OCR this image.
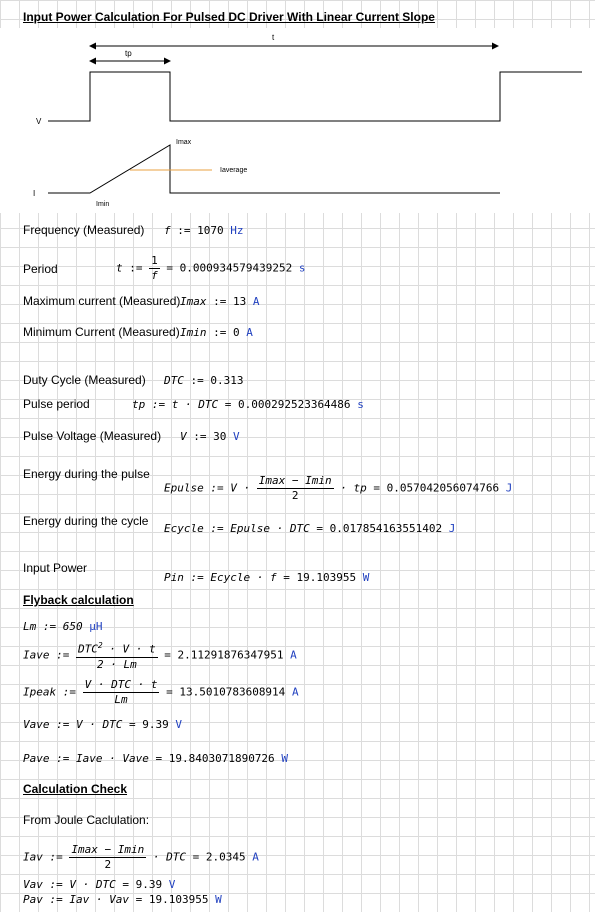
Input Power Calculation For Pulsed DC Driver With Linear Current Slope
t
tp
V
I
Imax
Iaverage
Imin
Frequency (Measured) f := 1070 Hz
Period	t := $\frac{1}{f} = 0.000934579439252$ s
Maximum current (Measured) Imax := 13 A
Minimum Current (Measured) Imin := 0 A
Duty Cycle (Measured) DTC := 0.313
Pulse period	tp := t · DTC = 0.000292523364486 s
Pulse Voltage (Measured) V := 30 V
Energy during the pulse
Epulse := $V \cdot \frac{Imax - Imin}{2}$ · tp = 0.057042056074766 J
Energy during the cycle
Ecycle := Epulse · DTC = 0.017854163551402 J
Input Power
Pin := Ecycle · f = 19.103955 W
Flyback calculation
Lm := 650 μH
Iave := $\frac{DTC^2 \cdot V \cdot t}{2 \cdot Lm} = 2.11291876347951$ A
Ipeak := $\frac{\text{V · DTC · t}}{Lm} = 13.5010783608914$ A
Vave := V · DTC = 9.39 V
Pave := Iave · Vave = 19.8403071890726 W
Calculation Check
From Joule Caclulation:
Iav := $\frac{Imax - Imin}{2}$ · DTC = 2.0345 A
Vav := V · DTC = 9.39 V
Pav := Iav · Vav = 19.103955 W
